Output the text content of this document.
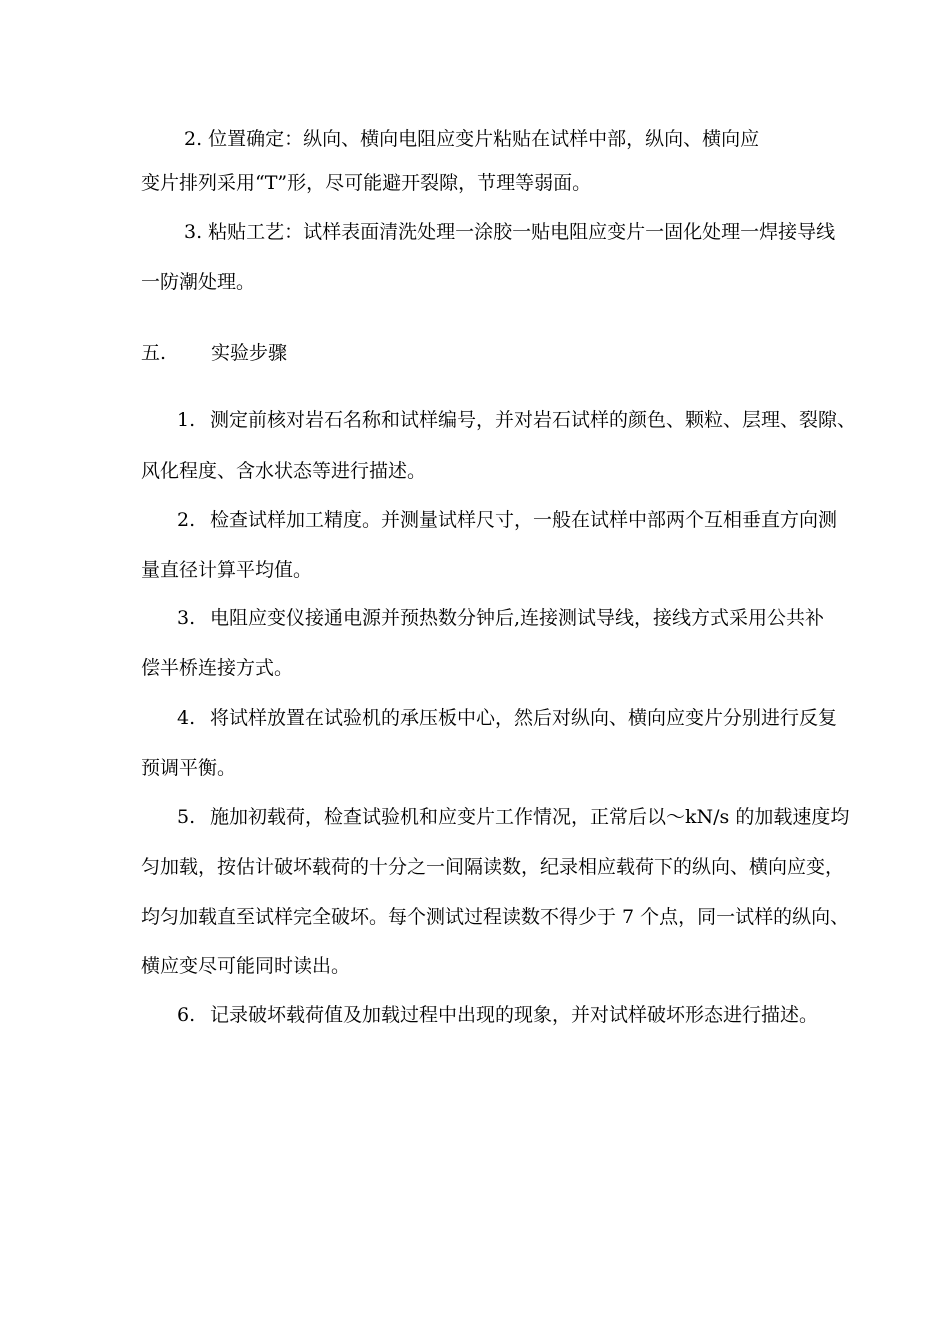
2. 位置确定：纵向、横向电阻应变片粘贴在试样中部，纵向、横向应
变片排列采用“T”形，尽可能避开裂隙，节理等弱面。
3. 粘贴工艺：试样表面清洗处理一涂胶一贴电阻应变片一固化处理一焊接导线
一防潮处理。
五. 实验步骤
1. 测定前核对岩石名称和试样编号，并对岩石试样的颜色、颗粒、层理、裂隙、
风化程度、含水状态等进行描述。
2. 检查试样加工精度。并测量试样尺寸，一般在试样中部两个互相垂直方向测
量直径计算平均值。
3. 电阻应变仪接通电源并预热数分钟后,连接测试导线，接线方式采用公共补
偿半桥连接方式。
4. 将试样放置在试验机的承压板中心，然后对纵向、横向应变片分别进行反复
预调平衡。
5. 施加初载荷，检查试验机和应变片工作情况，正常后以～kN/s 的加载速度均
匀加载，按估计破坏载荷的十分之一间隔读数，纪录相应载荷下的纵向、横向应变，
均匀加载直至试样完全破坏。每个测试过程读数不得少于 7 个点，同一试样的纵向、
横应变尽可能同时读出。
6. 记录破坏载荷值及加载过程中出现的现象，并对试样破坏形态进行描述。
